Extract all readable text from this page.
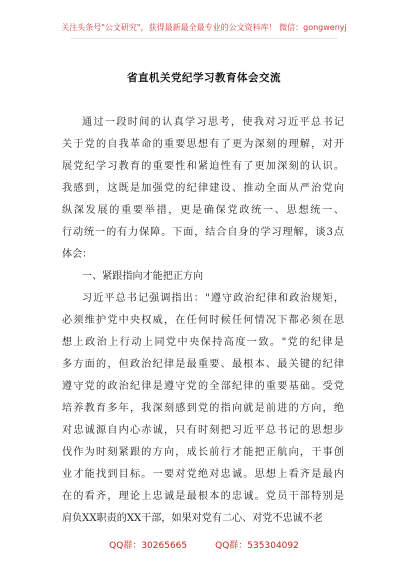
关注头条号"公文研究"，获得最新最全最专业的公文资料库！ 微信：gongwenyj
省直机关党纪学习教育体会交流
通过一段时间的认真学习思考，使我对习近平总书记
关于党的自我革命的重要思想有了更为深刻的理解，对开
展党纪学习教育的重要性和紧迫性有了更加深刻的认识。
我感到，这既是加强党的纪律建设、推动全面从严治党向
纵深发展的重要举措，更是确保党政统一、思想统一、
行动统一的有力保障。下面，结合自身的学习理解，谈3点
体会：
一、紧跟指向才能把正方向
习近平总书记强调指出："遵守政治纪律和政治规矩，
必须维护党中央权威，在任何时候任何情况下都必须在思
想上政治上行动上同党中央保持高度一致。"党的纪律是
多方面的，但政治纪律是最重要、最根本、最关键的纪律
遵守党的政治纪律是遵守党的全部纪律的重要基础。受党
培养教育多年，我深刻感到党的指向就是前进的方向，绝
对忠诚源自内心赤诚，只有时刻把习近平总书记的思想步
伐作为时刻紧跟的方向，成长前行才能把正航向，干事创
业才能找到目标。一要对党绝对忠诚。思想上看齐是最内
在的看齐，理论上忠诚是最根本的忠诚。党员干部特别是
肩负XX职责的XX干部，如果对党有二心、对党不忠诚不老
QQ群：30265665	QQ群：535304092
